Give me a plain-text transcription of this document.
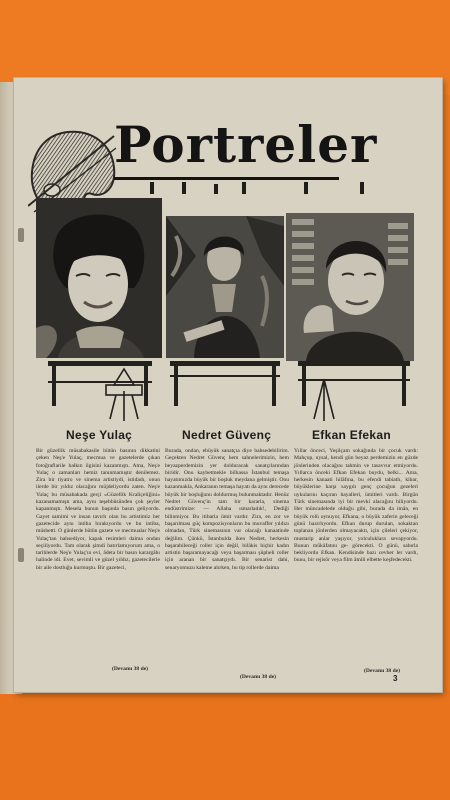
Portreler
Neşe Yulaç	Nedret Güvenç	Efkan Efekan
Bir güzellik müsabakasile bütün basının dikkatini çeken Neş'e Yulaç, mecmua ve gazetelerde çıkan fotoğraflarile halkın ilgisini kazanmıştı. Ama, Neş'e Yulaç o zamanları hemiz tanınmamıştır denilemez. Zira bir tiyatro ve sinema artistiydi, istidadı, onun ilerde bir yıldız olacağını müjdeliyordu zaten. Neş'e Yulaç bu müsabakada gerçi «Güzellik Kraliçeliğini» kazanamamıştı ama, aynı teşebbüsünden çok şeyler kapanmıştı. Mesela bunun başında basın geliyordu. Gayet samimi ve insan tavırlı olan bu artistimiz her gazetecide aynı intiba bırakıyordu ve bu intiba, müsbetti. O günlerde bütün gazete ve mecmualar Neş'e Yulaç'tan bahsediyor, kapak resimleri daima ondan seçiliyordu. Tam olarak şimdi hatırlamıyorum ama, o tarihlerde Neş'e Yulaç'ın evi, âdeta bir basın karargâhı halinde idi. Evet, sevimli ve güzel yıldız, gazetecilerle bir aile dostluğu kurmuştu. Bir gazeteci,
Burada, ondan, ebüyük sanatçıa diye bahsedebilirim. Geçekten Nedret Güvenç hem sahnelerimizin, hem beyazperdemizin yer dolduracak sanatçılarından biridir. Onu kaybetmekle bilhassa İstanbul temaşa hayatımızda büyük bir boşluk meydana gelmiştir. Onu kazanmakla, Ankaranın temaşa hayatı da aynı derecede büyük bir boşluğunu doldurmuş bulunmaktadır. Henüz Nedret Güvenç'in tam bir kararla, sinema endüstrimize: — Allaha ısmarladık!, Dediği bilinmiyor. Bu itibarla ümit vardır. Zira, en zor ve başarılması güç kompozisyonların bu muvaffer yıldızı olmadan, Türk sinemasının var olacağı kanaatinde değilim. Çünkü, İstanbulda iken Nedret, herkesin başarabileceği roller için değil, bilâkis hiçbir kadın artistin başaramayacağı veya başarması şüpheli roller için aranan bir sanatçıydı. Bir senarist dahi, senaryomuzu kaleme alırken, bu tip rollerde daima
Yıllar önceci, Yeşilçam sokağında bir çocuk vardı: Mahçup, uysal, kendi gün beyaz perdemizin en güzde jönlerinden olacağını tahmin ve tasavvur etmiyordu. Yıllarca önceki Efkan Efekan buydu, belki... Ama, herkesin kanaati hilâfına, bu efendi tabiatlı, kibar, büyüklerine karşı saygılı genç çocuğun gezeleri uykularını kaçıran hayalleri, ümitleri vardı. Birgün Türk sinemasında iyi bir mevki alacağını biliyordu. Her müncadelede olduğu gibi, burada da imân, en büyük rolü oynuyor, Efkana, o büyük zaferin geleceği günü hazırlıyordu. Efkan durup durulan, sokaktan toplanan jönlerden olmayacaktı, için çileleri çekiyor, mustarip anlar yaşıyor, yolculuklara sevapyordu. Bunun mükâfatını ge- görecekti. O günü, sabırla bekliyordu Efkan. Kendisinde bazı cevher ler vardı, bunu, bir rejisör veya film âmili elbette keşfedecekti.
(Devamı 38 de)
(Devamı 38 de)
(Devamı 38 de)
3
